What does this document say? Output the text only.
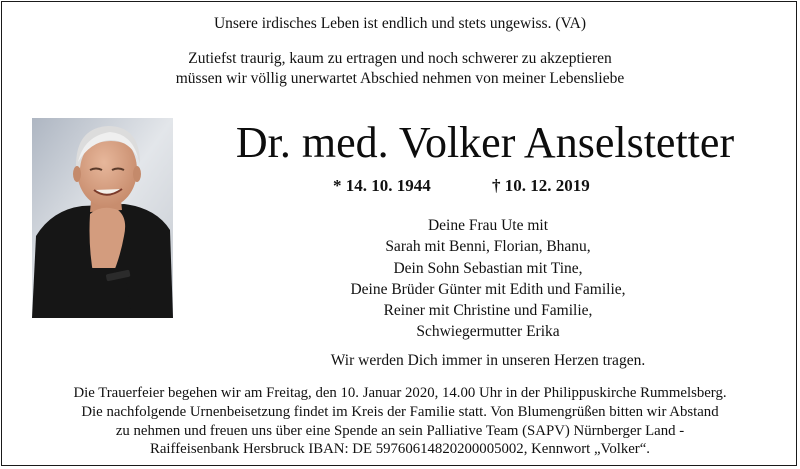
Unsere irdisches Leben ist endlich und stets ungewiss. (VA)
Zutiefst traurig, kaum zu ertragen und noch schwerer zu akzeptieren
müssen wir völlig unerwartet Abschied nehmen von meiner Lebensliebe
Dr. med. Volker Anselstetter
* 14. 10. 1944	† 10. 12. 2019
Deine Frau Ute mit
Sarah mit Benni, Florian, Bhanu,
Dein Sohn Sebastian mit Tine,
Deine Brüder Günter mit Edith und Familie,
Reiner mit Christine und Familie,
Schwiegermutter Erika
Wir werden Dich immer in unseren Herzen tragen.
Die Trauerfeier begehen wir am Freitag, den 10. Januar 2020, 14.00 Uhr in der Philippuskirche Rummelsberg.
Die nachfolgende Urnenbeisetzung findet im Kreis der Familie statt. Von Blumengrüßen bitten wir Abstand
zu nehmen und freuen uns über eine Spende an sein Palliative Team (SAPV) Nürnberger Land -
Raiffeisenbank Hersbruck IBAN: DE 59760614820200005002, Kennwort „Volker“.
